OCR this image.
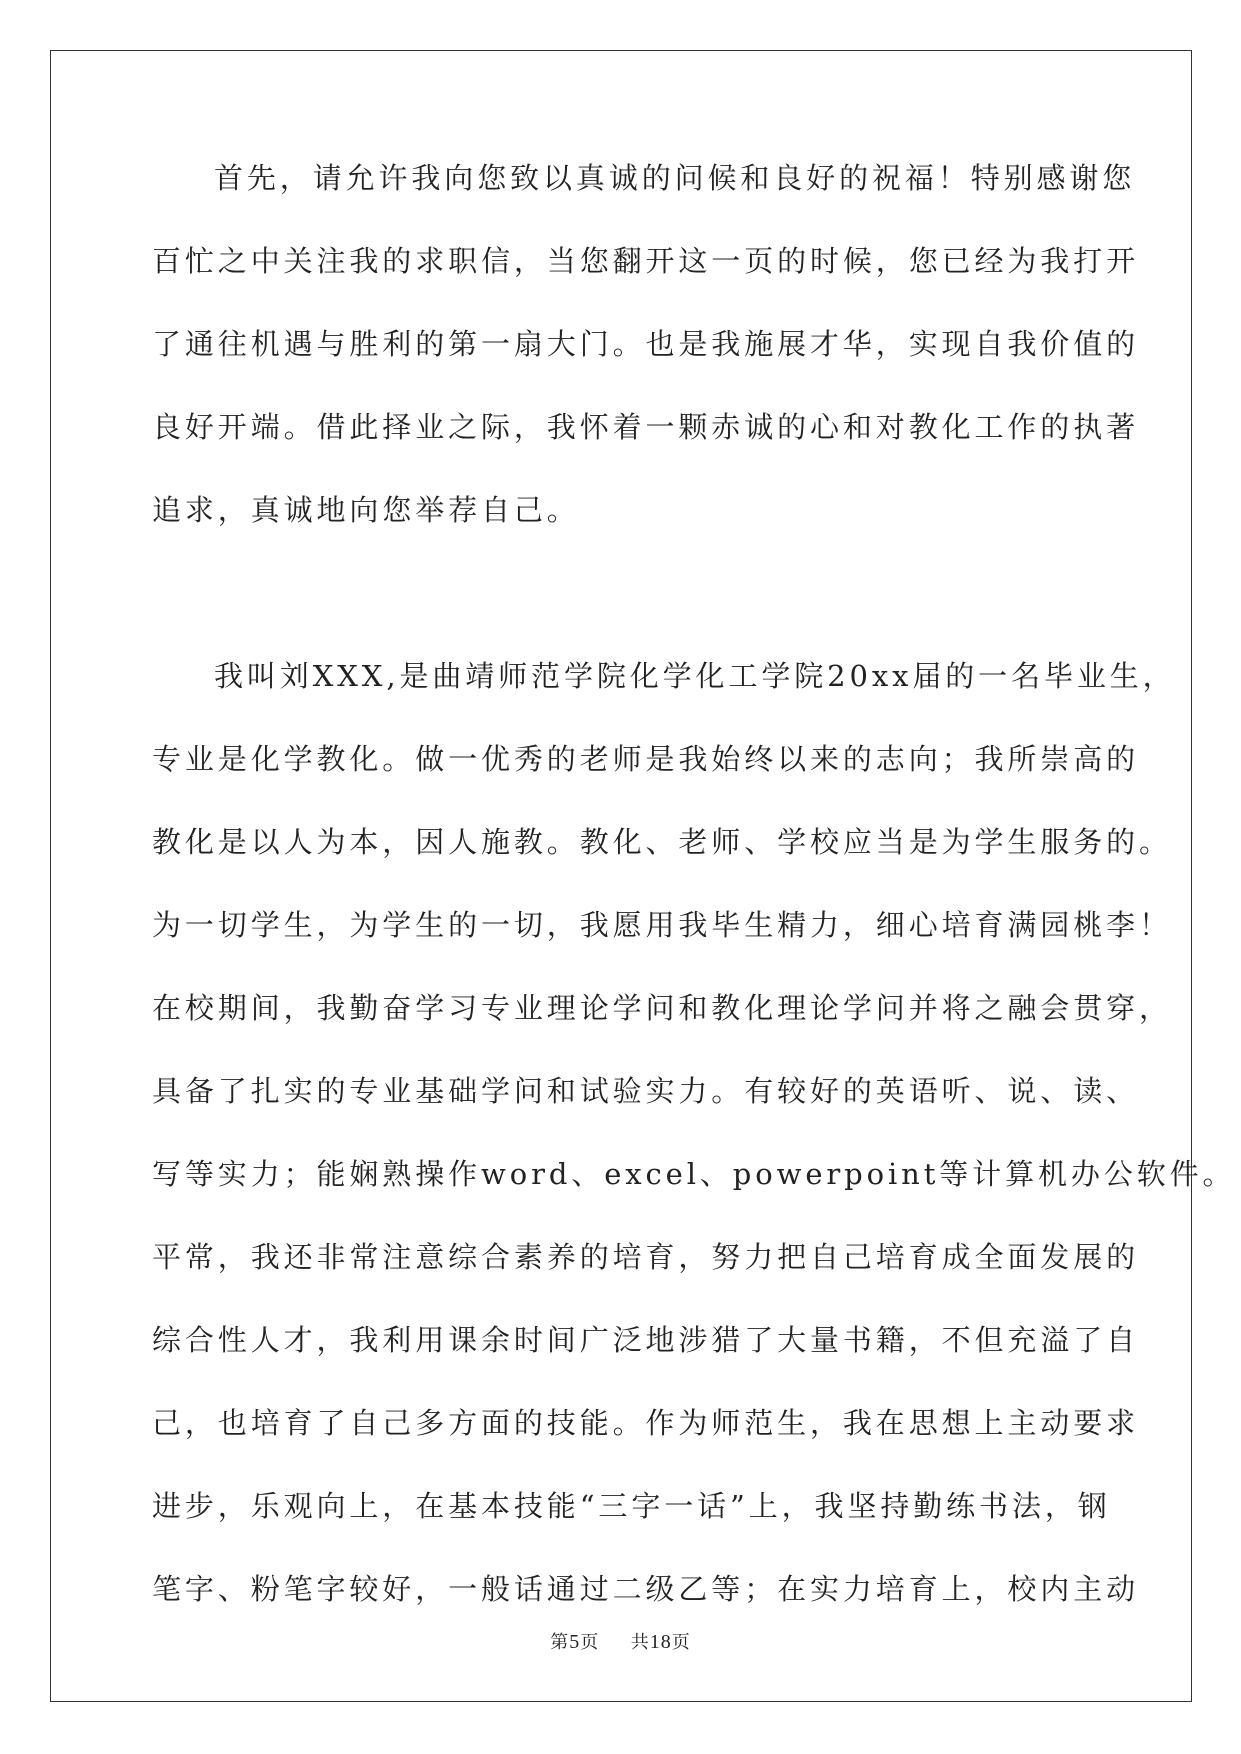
首先，请允许我向您致以真诚的问候和良好的祝福！特别感谢您
百忙之中关注我的求职信，当您翻开这一页的时候，您已经为我打开
了通往机遇与胜利的第一扇大门。也是我施展才华，实现自我价值的
良好开端。借此择业之际，我怀着一颗赤诚的心和对教化工作的执著
追求，真诚地向您举荐自己。
我叫刘XXX,是曲靖师范学院化学化工学院20xx届的一名毕业生，
专业是化学教化。做一优秀的老师是我始终以来的志向；我所崇高的
教化是以人为本，因人施教。教化、老师、学校应当是为学生服务的。
为一切学生，为学生的一切，我愿用我毕生精力，细心培育满园桃李！
在校期间，我勤奋学习专业理论学问和教化理论学问并将之融会贯穿，
具备了扎实的专业基础学问和试验实力。有较好的英语听、说、读、
写等实力；能娴熟操作word、excel、powerpoint等计算机办公软件。
平常，我还非常注意综合素养的培育，努力把自己培育成全面发展的
综合性人才，我利用课余时间广泛地涉猎了大量书籍，不但充溢了自
己，也培育了自己多方面的技能。作为师范生，我在思想上主动要求
进步，乐观向上，在基本技能“三字一话”上，我坚持勤练书法，钢
笔字、粉笔字较好，一般话通过二级乙等；在实力培育上，校内主动
第5页 共18页
